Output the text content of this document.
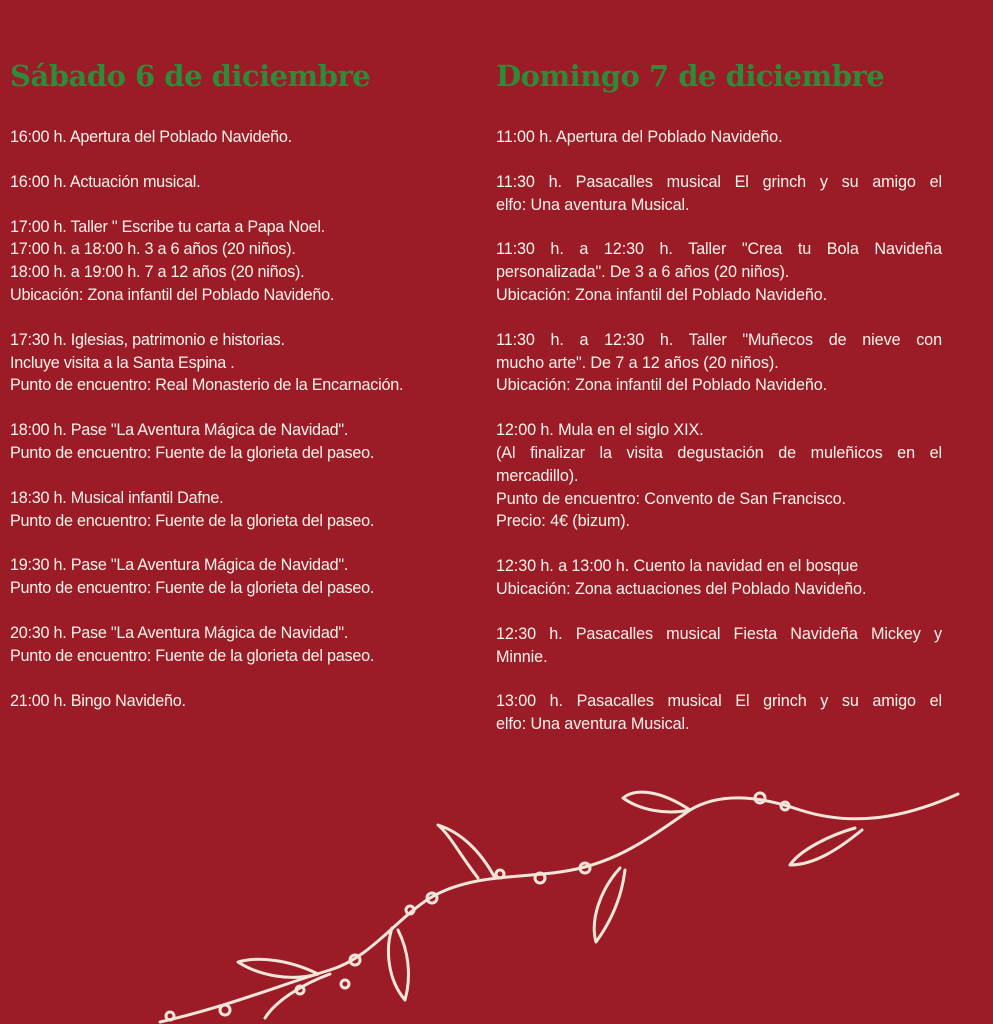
Sábado 6 de diciembre
16:00 h. Apertura del Poblado Navideño.
16:00 h. Actuación musical.
17:00 h. Taller " Escribe tu carta a Papa Noel.
17:00 h. a 18:00 h. 3 a 6 años (20 niños).
18:00 h. a 19:00 h. 7 a 12 años (20 niños).
Ubicación: Zona infantil del Poblado Navideño.
17:30 h. Iglesias, patrimonio e historias.
Incluye visita a la Santa Espina .
Punto de encuentro: Real Monasterio de la Encarnación.
18:00 h. Pase "La Aventura Mágica de Navidad".
Punto de encuentro: Fuente de la glorieta del paseo.
18:30 h. Musical infantil Dafne.
Punto de encuentro: Fuente de la glorieta del paseo.
19:30 h. Pase "La Aventura Mágica de Navidad".
Punto de encuentro: Fuente de la glorieta del paseo.
20:30 h. Pase "La Aventura Mágica de Navidad".
Punto de encuentro: Fuente de la glorieta del paseo.
21:00 h. Bingo Navideño.
Domingo 7 de diciembre
11:00 h. Apertura del Poblado Navideño.
11:30 h. Pasacalles musical El grinch y su amigo el
elfo: Una aventura Musical.
11:30 h. a 12:30 h. Taller "Crea tu Bola Navideña
personalizada". De 3 a 6 años (20 niños).
Ubicación: Zona infantil del Poblado Navideño.
11:30 h. a 12:30 h. Taller "Muñecos de nieve con
mucho arte". De 7 a 12 años (20 niños).
Ubicación: Zona infantil del Poblado Navideño.
12:00 h. Mula en el siglo XIX.
(Al finalizar la visita degustación de muleñicos en el
mercadillo).
Punto de encuentro: Convento de San Francisco.
Precio: 4€ (bizum).
12:30 h. a 13:00 h. Cuento la navidad en el bosque
Ubicación: Zona actuaciones del Poblado Navideño.
12:30 h. Pasacalles musical Fiesta Navideña Mickey y
Minnie.
13:00 h. Pasacalles musical El grinch y su amigo el
elfo: Una aventura Musical.
